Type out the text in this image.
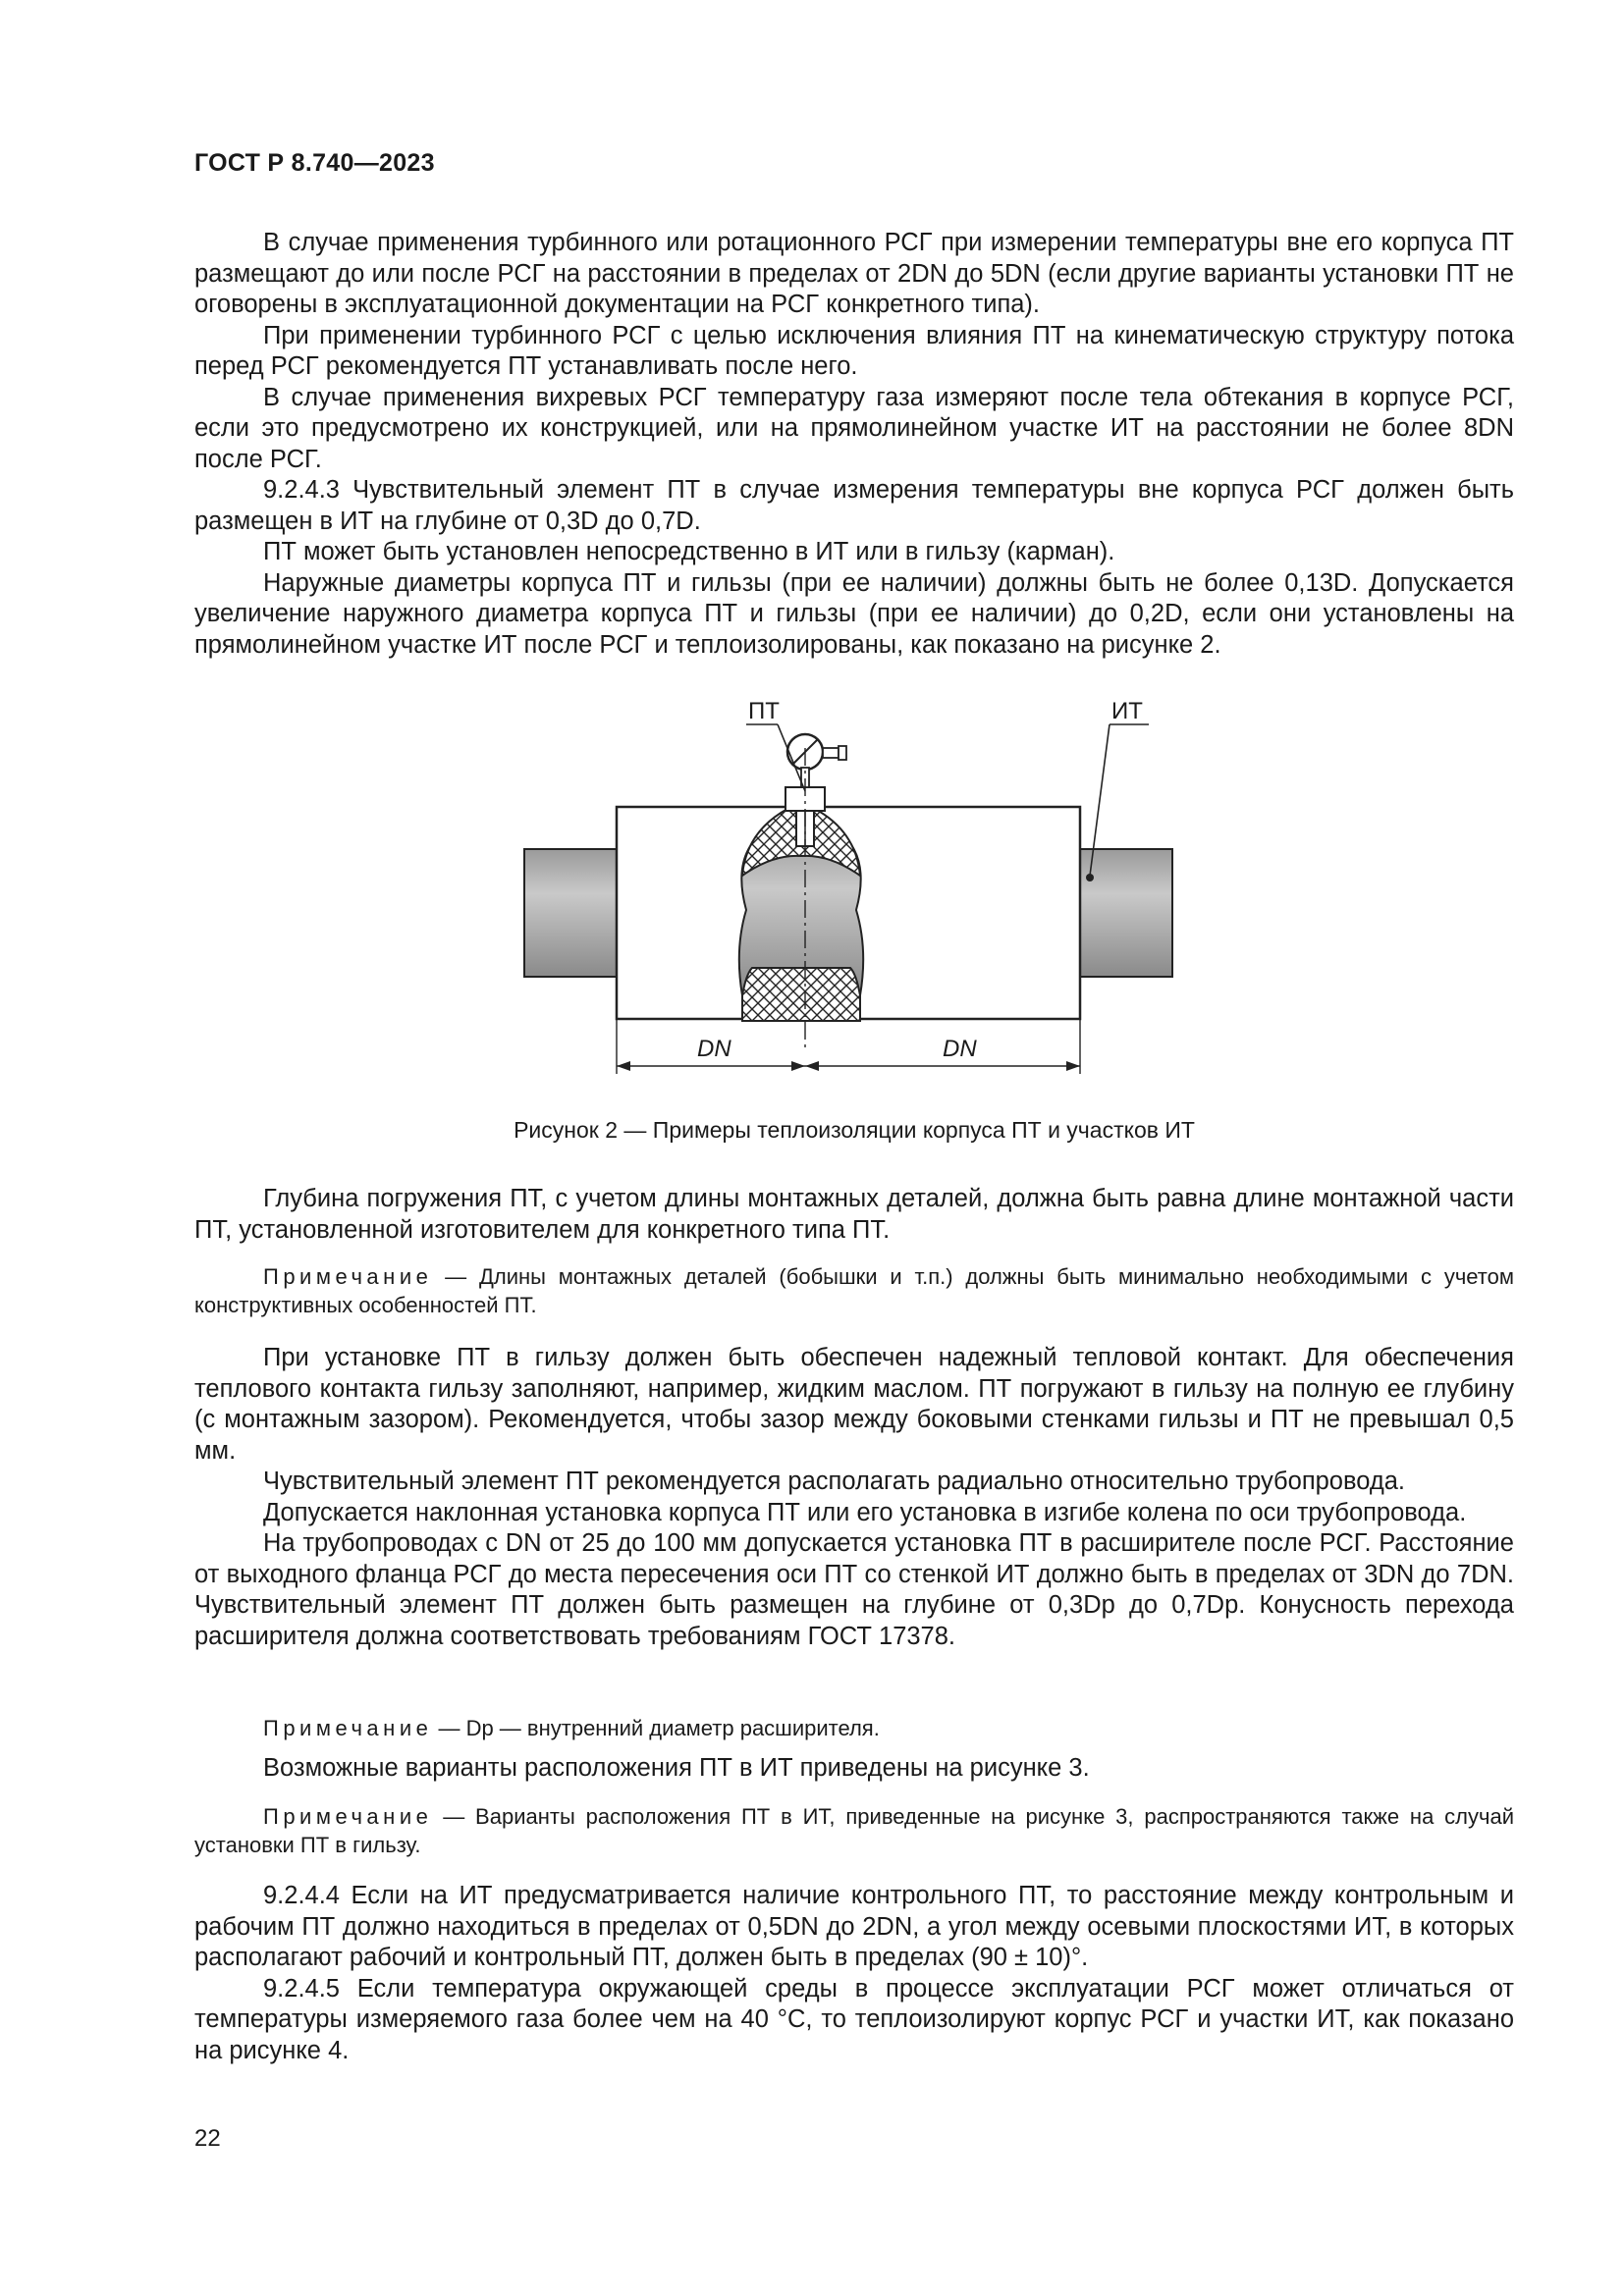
ГОСТ Р 8.740—2023

В случае применения турбинного или ротационного РСГ при измерении температуры вне его корпуса ПТ размещают до или после РСГ на расстоянии в пределах от 2DN до 5DN (если другие варианты установки ПТ не оговорены в эксплуатационной документации на РСГ конкретного типа).

При применении турбинного РСГ с целью исключения влияния ПТ на кинематическую структуру потока перед РСГ рекомендуется ПТ устанавливать после него.

В случае применения вихревых РСГ температуру газа измеряют после тела обтекания в корпусе РСГ, если это предусмотрено их конструкцией, или на прямолинейном участке ИТ на расстоянии не более 8DN после РСГ.

9.2.4.3 Чувствительный элемент ПТ в случае измерения температуры вне корпуса РСГ должен быть размещен в ИТ на глубине от 0,3D до 0,7D.

ПТ может быть установлен непосредственно в ИТ или в гильзу (карман).

Наружные диаметры корпуса ПТ и гильзы (при ее наличии) должны быть не более 0,13D. Допускается увеличение наружного диаметра корпуса ПТ и гильзы (при ее наличии) до 0,2D, если они установлены на прямолинейном участке ИТ после РСГ и теплоизолированы, как показано на рисунке 2.

ПТ	ИТ
DN	DN
Рисунок 2 — Примеры теплоизоляции корпуса ПТ и участков ИТ

Глубина погружения ПТ, с учетом длины монтажных деталей, должна быть равна длине монтажной части ПТ, установленной изготовителем для конкретного типа ПТ.

Примечание — Длины монтажных деталей (бобышки и т.п.) должны быть минимально необходимыми с учетом конструктивных особенностей ПТ.

При установке ПТ в гильзу должен быть обеспечен надежный тепловой контакт. Для обеспечения теплового контакта гильзу заполняют, например, жидким маслом. ПТ погружают в гильзу на полную ее глубину (с монтажным зазором). Рекомендуется, чтобы зазор между боковыми стенками гильзы и ПТ не превышал 0,5 мм.

Чувствительный элемент ПТ рекомендуется располагать радиально относительно трубопровода.

Допускается наклонная установка корпуса ПТ или его установка в изгибе колена по оси трубопровода.

На трубопроводах с DN от 25 до 100 мм допускается установка ПТ в расширителе после РСГ. Расстояние от выходного фланца РСГ до места пересечения оси ПТ со стенкой ИТ должно быть в пределах от 3DN до 7DN. Чувствительный элемент ПТ должен быть размещен на глубине от 0,3Dp до 0,7Dp. Конусность перехода расширителя должна соответствовать требованиям ГОСТ 17378.

Примечание — Dp — внутренний диаметр расширителя.

Возможные варианты расположения ПТ в ИТ приведены на рисунке 3.

Примечание — Варианты расположения ПТ в ИТ, приведенные на рисунке 3, распространяются также на случай установки ПТ в гильзу.

9.2.4.4 Если на ИТ предусматривается наличие контрольного ПТ, то расстояние между контрольным и рабочим ПТ должно находиться в пределах от 0,5DN до 2DN, а угол между осевыми плоскостями ИТ, в которых располагают рабочий и контрольный ПТ, должен быть в пределах (90 ± 10)°.

9.2.4.5 Если температура окружающей среды в процессе эксплуатации РСГ может отличаться от температуры измеряемого газа более чем на 40 °С, то теплоизолируют корпус РСГ и участки ИТ, как показано на рисунке 4.

22
